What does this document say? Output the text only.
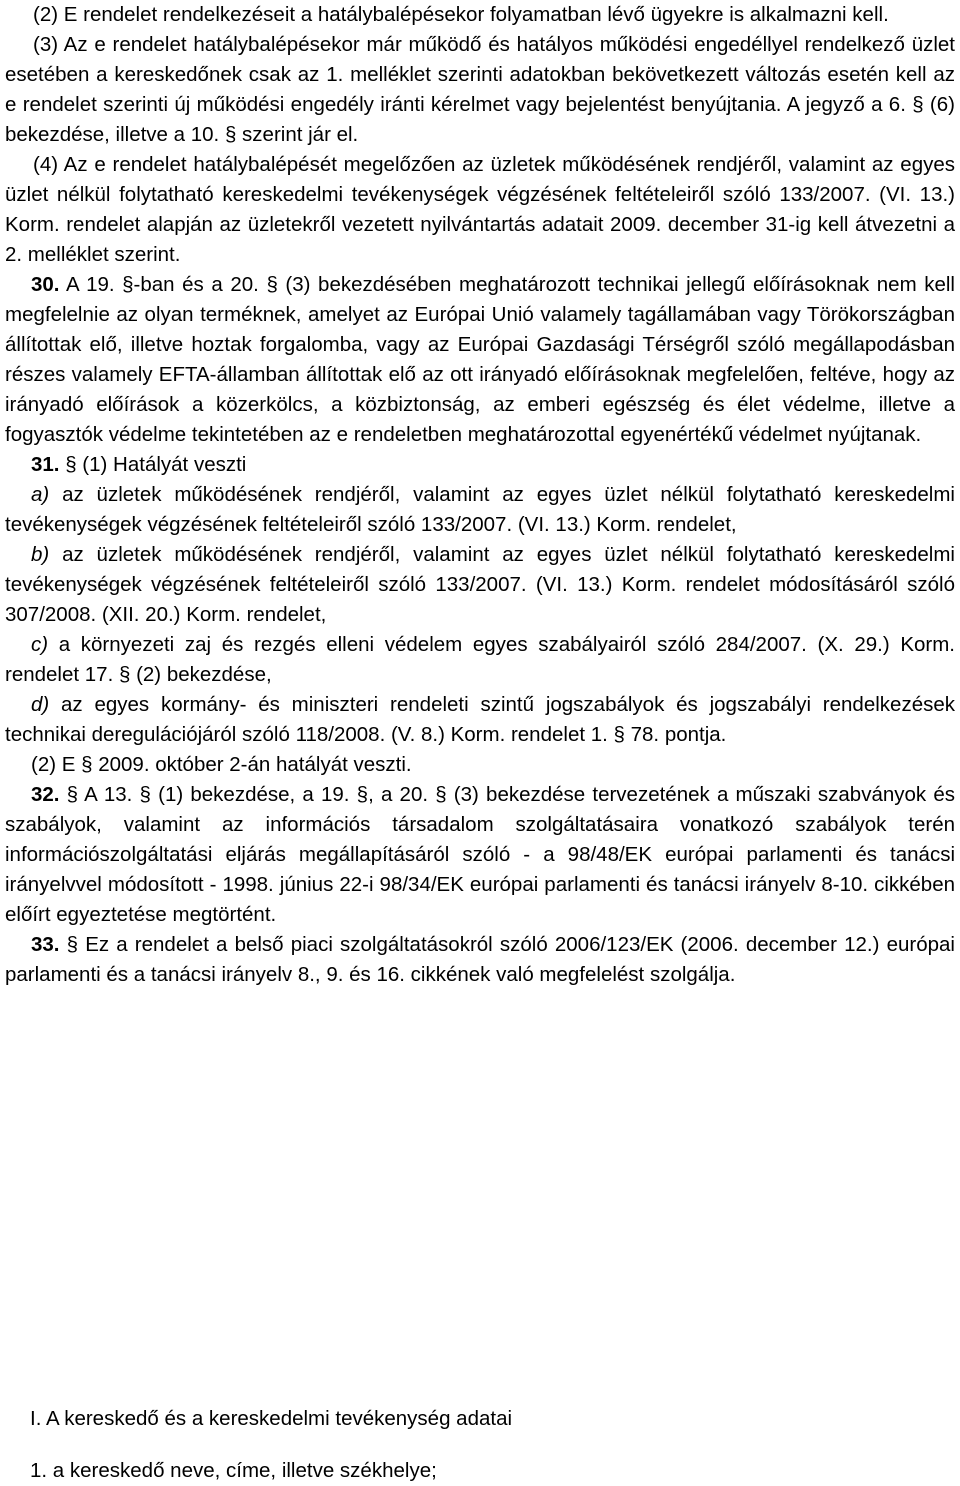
(2) E rendelet rendelkezéseit a hatálybalépésekor folyamatban lévő ügyekre is alkalmazni kell.

(3) Az e rendelet hatálybalépésekor már működő és hatályos működési engedéllyel rendelkező üzlet esetében a kereskedőnek csak az 1. melléklet szerinti adatokban bekövetkezett változás esetén kell az e rendelet szerinti új működési engedély iránti kérelmet vagy bejelentést benyújtania. A jegyző a 6. § (6) bekezdése, illetve a 10. § szerint jár el.

(4) Az e rendelet hatálybalépését megelőzően az üzletek működésének rendjéről, valamint az egyes üzlet nélkül folytatható kereskedelmi tevékenységek végzésének feltételeiről szóló 133/2007. (VI. 13.) Korm. rendelet alapján az üzletekről vezetett nyilvántartás adatait 2009. december 31-ig kell átvezetni a 2. melléklet szerint.

30. A 19. §-ban és a 20. § (3) bekezdésében meghatározott technikai jellegű előírásoknak nem kell megfelelnie az olyan terméknek, amelyet az Európai Unió valamely tagállamában vagy Törökországban állítottak elő, illetve hoztak forgalomba, vagy az Európai Gazdasági Térségről szóló megállapodásban részes valamely EFTA-államban állítottak elő az ott irányadó előírásoknak megfelelően, feltéve, hogy az irányadó előírások a közerkölcs, a közbiztonság, az emberi egészség és élet védelme, illetve a fogyasztók védelme tekintetében az e rendeletben meghatározottal egyenértékű védelmet nyújtanak.

31. § (1) Hatályát veszti

a) az üzletek működésének rendjéről, valamint az egyes üzlet nélkül folytatható kereskedelmi tevékenységek végzésének feltételeiről szóló 133/2007. (VI. 13.) Korm. rendelet,

b) az üzletek működésének rendjéről, valamint az egyes üzlet nélkül folytatható kereskedelmi tevékenységek végzésének feltételeiről szóló 133/2007. (VI. 13.) Korm. rendelet módosításáról szóló 307/2008. (XII. 20.) Korm. rendelet,

c) a környezeti zaj és rezgés elleni védelem egyes szabályairól szóló 284/2007. (X. 29.) Korm. rendelet 17. § (2) bekezdése,

d) az egyes kormány- és miniszteri rendeleti szintű jogszabályok és jogszabályi rendelkezések technikai deregulációjáról szóló 118/2008. (V. 8.) Korm. rendelet 1. § 78. pontja.

(2) E § 2009. október 2-án hatályát veszti.

32. § A 13. § (1) bekezdése, a 19. §, a 20. § (3) bekezdése tervezetének a műszaki szabványok és szabályok, valamint az információs társadalom szolgáltatásaira vonatkozó szabályok terén információszolgáltatási eljárás megállapításáról szóló - a 98/48/EK európai parlamenti és tanácsi irányelvvel módosított - 1998. június 22-i 98/34/EK európai parlamenti és tanácsi irányelv 8-10. cikkében előírt egyeztetése megtörtént.

33. § Ez a rendelet a belső piaci szolgáltatásokról szóló 2006/123/EK (2006. december 12.) európai parlamenti és a tanácsi irányelv 8., 9. és 16. cikkének való megfelelést szolgálja.

I. A kereskedő és a kereskedelmi tevékenység adatai

1. a kereskedő neve, címe, illetve székhelye;
